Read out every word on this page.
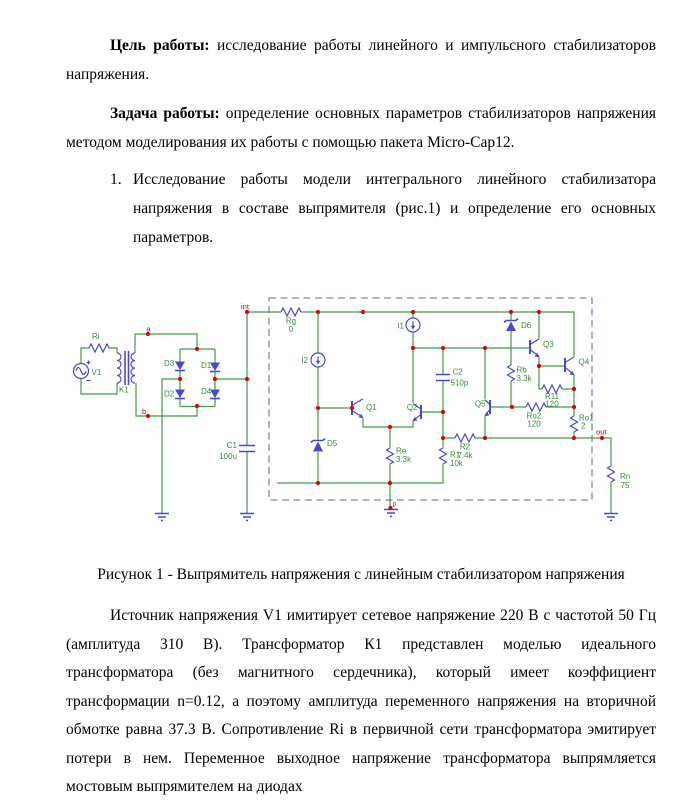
Цель работы: исследование работы линейного и импульсного стабилизаторов напряжения.

Задача работы: определение основных параметров стабилизаторов напряжения методом моделирования их работы с помощью пакета Micro-Cap12.

1. Исследование работы модели интегрального линейного стабилизатора напряжения в составе выпрямителя (рис.1) и определение его основных параметров.
Ri
V1
K1
D3	D1
D2	D4
C1
100u
Rg
0
I2
I1
Q1	Q2
D5
Re
3.3k	R1
10k
C2
510p
R2
7.4k
Q5
D6
Q3
Q4
Rb
3.3k
R11
120
Ro2
120
Ro1
2
Rn
75
a
b
int
out
P

Рисунок 1 - Выпрямитель напряжения с линейным стабилизатором напряжения

Источник напряжения V1 имитирует сетевое напряжение 220 В с частотой 50 Гц (амплитуда 310 В). Трансформатор К1 представлен моделью идеального трансформатора (без магнитного сердечника), который имеет коэффициент трансформации n=0.12, а поэтому амплитуда переменного напряжения на вторичной обмотке равна 37.3 В. Сопротивление Ri в первичной сети трансформатора эмитирует потери в нем. Переменное выходное напряжение трансформатора выпрямляется мостовым выпрямителем на диодах
